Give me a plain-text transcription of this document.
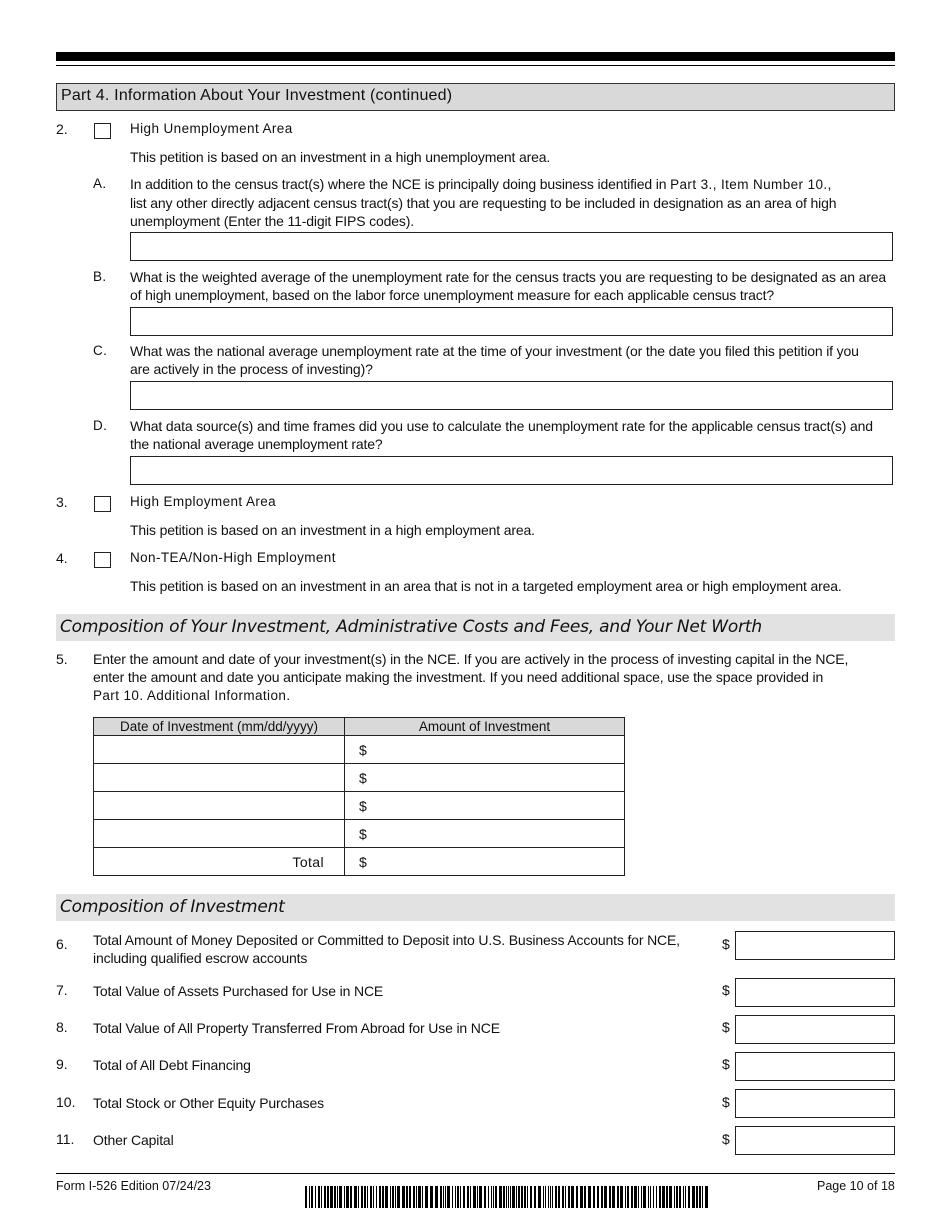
Part 4. Information About Your Investment (continued)
2.	High Unemployment Area
This petition is based on an investment in a high unemployment area.
A. In addition to the census tract(s) where the NCE is principally doing business identified in Part 3., Item Number 10.,
list any other directly adjacent census tract(s) that you are requesting to be included in designation as an area of high
unemployment (Enter the 11-digit FIPS codes).
B. What is the weighted average of the unemployment rate for the census tracts you are requesting to be designated as an area
of high unemployment, based on the labor force unemployment measure for each applicable census tract?
C. What was the national average unemployment rate at the time of your investment (or the date you filed this petition if you
are actively in the process of investing)?
D. What data source(s) and time frames did you use to calculate the unemployment rate for the applicable census tract(s) and
the national average unemployment rate?
3.	High Employment Area
This petition is based on an investment in a high employment area.
4.	Non-TEA/Non-High Employment
This petition is based on an investment in an area that is not in a targeted employment area or high employment area.
Composition of Your Investment, Administrative Costs and Fees, and Your Net Worth
5. Enter the amount and date of your investment(s) in the NCE. If you are actively in the process of investing capital in the NCE,
enter the amount and date you anticipate making the investment. If you need additional space, use the space provided in
Part 10. Additional Information.
Date of Investment (mm/dd/yyyy)	Amount of Investment
	$
	$
	$
	$
Total	$
Composition of Investment
6. Total Amount of Money Deposited or Committed to Deposit into U.S. Business Accounts for NCE,
including qualified escrow accounts
$
7. Total Value of Assets Purchased for Use in NCE	$
8. Total Value of All Property Transferred From Abroad for Use in NCE	$
9. Total of All Debt Financing	$
10. Total Stock or Other Equity Purchases	$
11. Other Capital	$
Form I-526 Edition 07/24/23	Page 10 of 18
